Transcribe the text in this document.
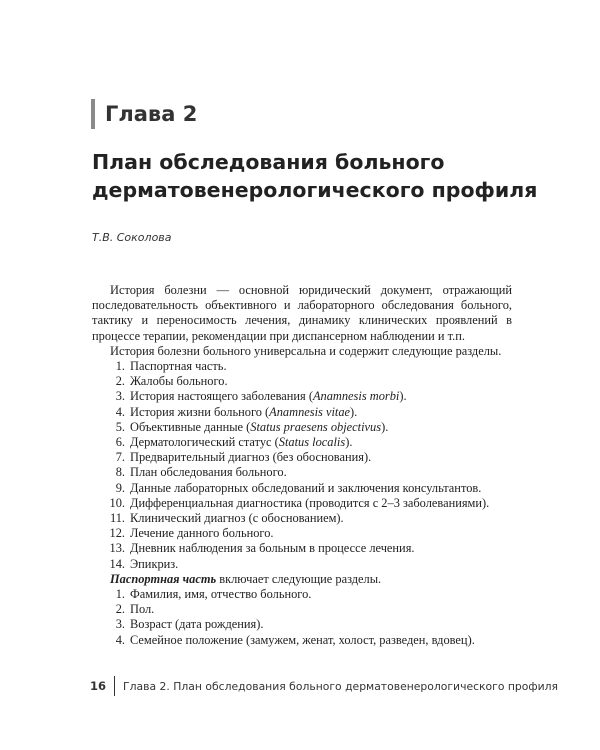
Глава 2
План обследования больного дерматовенерологического профиля
Т.В. Соколова

История болезни — основной юридический документ, отражающий последовательность объективного и лабораторного обследования больного, тактику и переносимость лечения, динамику клинических проявлений в процессе терапии, рекомендации при диспансерном наблюдении и т.п.

История болезни больного универсальна и содержит следующие разделы.

1. Паспортная часть.
2. Жалобы больного.
3. История настоящего заболевания (Anamnesis morbi).
4. История жизни больного (Anamnesis vitae).
5. Объективные данные (Status praesens objectivus).
6. Дерматологический статус (Status localis).
7. Предварительный диагноз (без обоснования).
8. План обследования больного.
9. Данные лабораторных обследований и заключения консультантов.
10. Дифференциальная диагностика (проводится с 2–3 заболеваниями).
11. Клинический диагноз (с обоснованием).
12. Лечение данного больного.
13. Дневник наблюдения за больным в процессе лечения.
14. Эпикриз.

Паспортная часть включает следующие разделы.

1. Фамилия, имя, отчество больного.
2. Пол.
3. Возраст (дата рождения).
4. Семейное положение (замужем, женат, холост, разведен, вдовец).
16 Глава 2. План обследования больного дерматовенерологического профиля
